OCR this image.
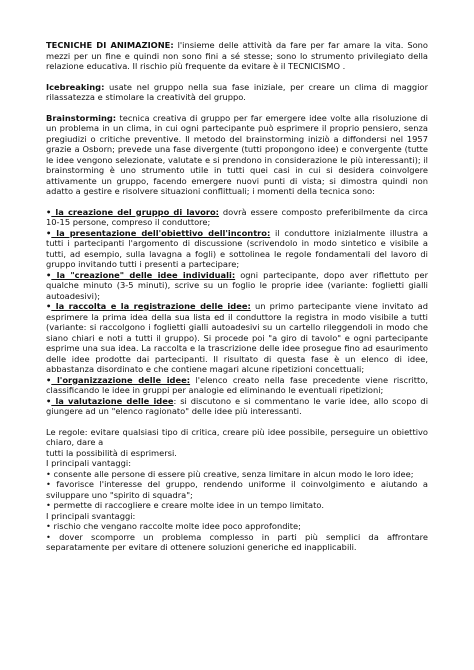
TECNICHE DI ANIMAZIONE: l'insieme delle attività da fare per far amare la vita. Sono mezzi per un fine e quindi non sono fini a sé stesse; sono lo strumento privilegiato della relazione educativa. Il rischio più frequente da evitare è il TECNICISMO .

Icebreaking: usate nel gruppo nella sua fase iniziale, per creare un clima di maggior rilassatezza e stimolare la creatività del gruppo.

Brainstorming: tecnica creativa di gruppo per far emergere idee volte alla risoluzione di un problema in un clima, in cui ogni partecipante può esprimere il proprio pensiero, senza pregiudizi o critiche preventive. Il metodo del brainstorming iniziò a diffondersi nel 1957 grazie a Osborn; prevede una fase divergente (tutti propongono idee) e convergente (tutte le idee vengono selezionate, valutate e si prendono in considerazione le più interessanti); il brainstorming è uno strumento utile in tutti quei casi in cui si desidera coinvolgere attivamente un gruppo, facendo emergere nuovi punti di vista; si dimostra quindi non adatto a gestire e risolvere situazioni conflittuali; i momenti della tecnica sono:

• la creazione del gruppo di lavoro: dovrà essere composto preferibilmente da circa 10-15 persone, compreso il conduttore;

• la presentazione dell'obiettivo dell'incontro: il conduttore inizialmente illustra a tutti i partecipanti l'argomento di discussione (scrivendolo in modo sintetico e visibile a tutti, ad esempio, sulla lavagna a fogli) e sottolinea le regole fondamentali del lavoro di gruppo invitando tutti i presenti a partecipare;

• la "creazione" delle idee individuali: ogni partecipante, dopo aver riflettuto per qualche minuto (3-5 minuti), scrive su un foglio le proprie idee (variante: foglietti gialli autoadesivi);

• la raccolta e la registrazione delle idee: un primo partecipante viene invitato ad esprimere la prima idea della sua lista ed il conduttore la registra in modo visibile a tutti (variante: si raccolgono i foglietti gialli autoadesivi su un cartello rileggendoli in modo che siano chiari e noti a tutti il gruppo). Si procede poi "a giro di tavolo" e ogni partecipante esprime una sua idea. La raccolta e la trascrizione delle idee prosegue fino ad esaurimento delle idee prodotte dai partecipanti. Il risultato di questa fase è un elenco di idee, abbastanza disordinato e che contiene magari alcune ripetizioni concettuali;

• l'organizzazione delle idee: l'elenco creato nella fase precedente viene riscritto, classificando le idee in gruppi per analogie ed eliminando le eventuali ripetizioni;

• la valutazione delle idee: si discutono e si commentano le varie idee, allo scopo di giungere ad un "elenco ragionato" delle idee più interessanti.

Le regole: evitare qualsiasi tipo di critica, creare più idee possibile, perseguire un obiettivo chiaro, dare a

tutti la possibilità di esprimersi.

I principali vantaggi:

• consente alle persone di essere più creative, senza limitare in alcun modo le loro idee;

• favorisce l'interesse del gruppo, rendendo uniforme il coinvolgimento e aiutando a sviluppare uno "spirito di squadra";

• permette di raccogliere e creare molte idee in un tempo limitato.

I principali svantaggi:

• rischio che vengano raccolte molte idee poco approfondite;

• dover scomporre un problema complesso in parti più semplici da affrontare separatamente per evitare di ottenere soluzioni generiche ed inapplicabili.
